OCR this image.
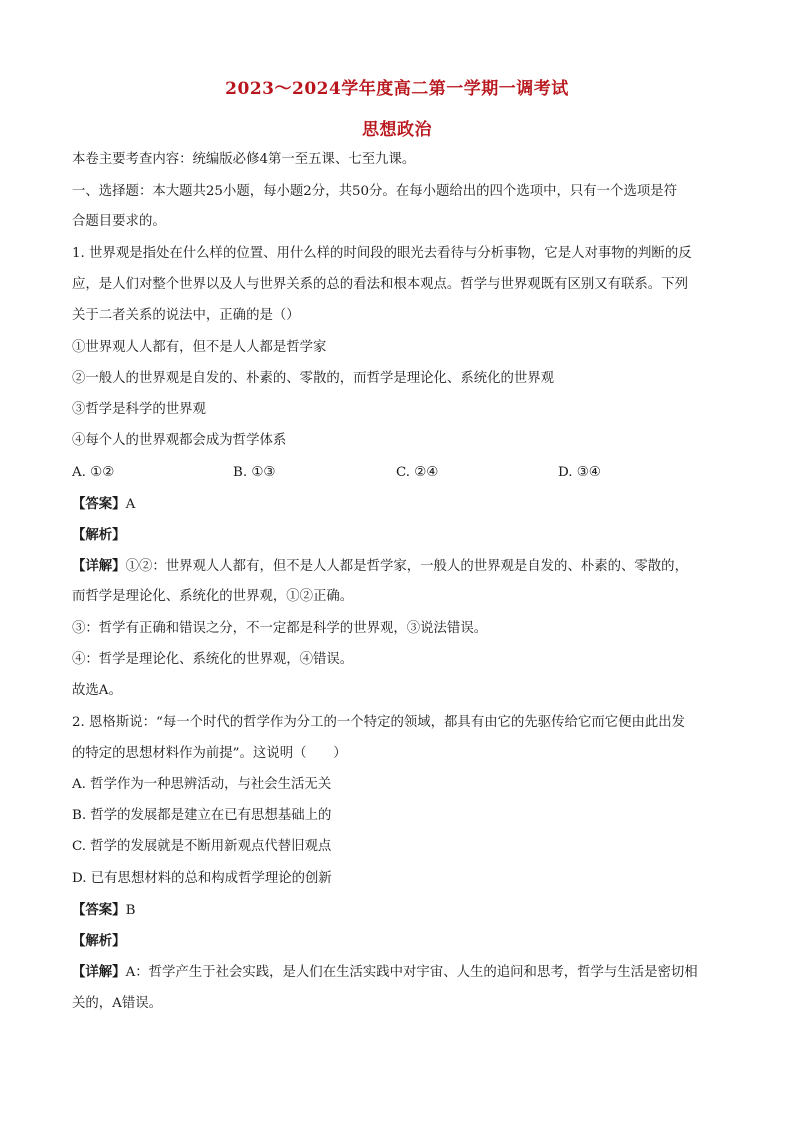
2023～2024学年度高二第一学期一调考试
思想政治
本卷主要考查内容：统编版必修4第一至五课、七至九课。
一、选择题：本大题共25小题，每小题2分，共50分。在每小题给出的四个选项中，只有一个选项是符
合题目要求的。
1. 世界观是指处在什么样的位置、用什么样的时间段的眼光去看待与分析事物，它是人对事物的判断的反
应，是人们对整个世界以及人与世界关系的总的看法和根本观点。哲学与世界观既有区别又有联系。下列
关于二者关系的说法中，正确的是（）
①世界观人人都有，但不是人人都是哲学家
②一般人的世界观是自发的、朴素的、零散的，而哲学是理论化、系统化的世界观
③哲学是科学的世界观
④每个人的世界观都会成为哲学体系
A. ①②	B. ①③	C. ②④	D. ③④
【答案】A
【解析】
【详解】①②：世界观人人都有，但不是人人都是哲学家，一般人的世界观是自发的、朴素的、零散的，
而哲学是理论化、系统化的世界观，①②正确。
③：哲学有正确和错误之分，不一定都是科学的世界观，③说法错误。
④：哲学是理论化、系统化的世界观，④错误。
故选A。
2. 恩格斯说：“每一个时代的哲学作为分工的一个特定的领域，都具有由它的先驱传给它而它便由此出发
的特定的思想材料作为前提”。这说明（　　）
A. 哲学作为一种思辨活动，与社会生活无关
B. 哲学的发展都是建立在已有思想基础上的
C. 哲学的发展就是不断用新观点代替旧观点
D. 已有思想材料的总和构成哲学理论的创新
【答案】B
【解析】
【详解】A：哲学产生于社会实践，是人们在生活实践中对宇宙、人生的追问和思考，哲学与生活是密切相
关的，A错误。
